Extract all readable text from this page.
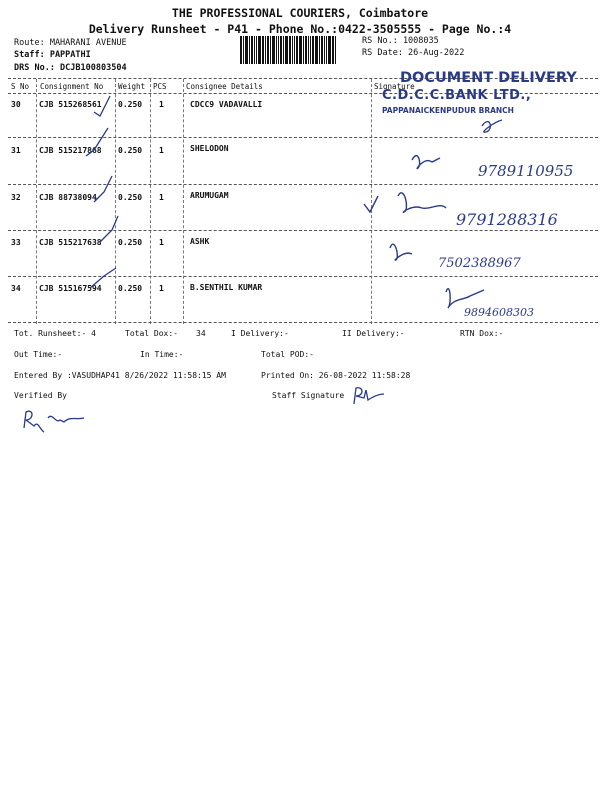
THE PROFESSIONAL COURIERS, Coimbatore
Delivery Runsheet - P41 - Phone No.:0422-3505555 - Page No.:4
Route: MAHARANI AVENUE
Staff: PAPPATHI
DRS No.: DCJB100803504
RS No.: 1008035
RS Date: 26-Aug-2022
S No Consignment No Weight PCS	Consignee Details	Signature
30 CJB 515268561 0.250 1	CDCC9 VADAVALLI
31 CJB 515217868 0.250 1	SHELODON
32 CJB 88738094	0.250 1	ARUMUGAM
33 CJB 515217638 0.250 1	ASHK
34 CJB 515167594 0.250 1	B.SENTHIL KUMAR
DOCUMENT DELIVERY
C.D.C.C.BANK LTD.,
PAPPANAICKENPUDUR BRANCH
9789110955
9791288316
7502388967
9894608303
Tot. Runsheet:- 4	Total Dox:- 34	I Delivery:-	II Delivery:-	RTN Dox:-
Out Time:-	In Time:-	Total POD:-
Entered By :VASUDHAP41 8/26/2022 11:58:15 AM	Printed On: 26-08-2022 11:58:28
Verified By	Staff Signature
